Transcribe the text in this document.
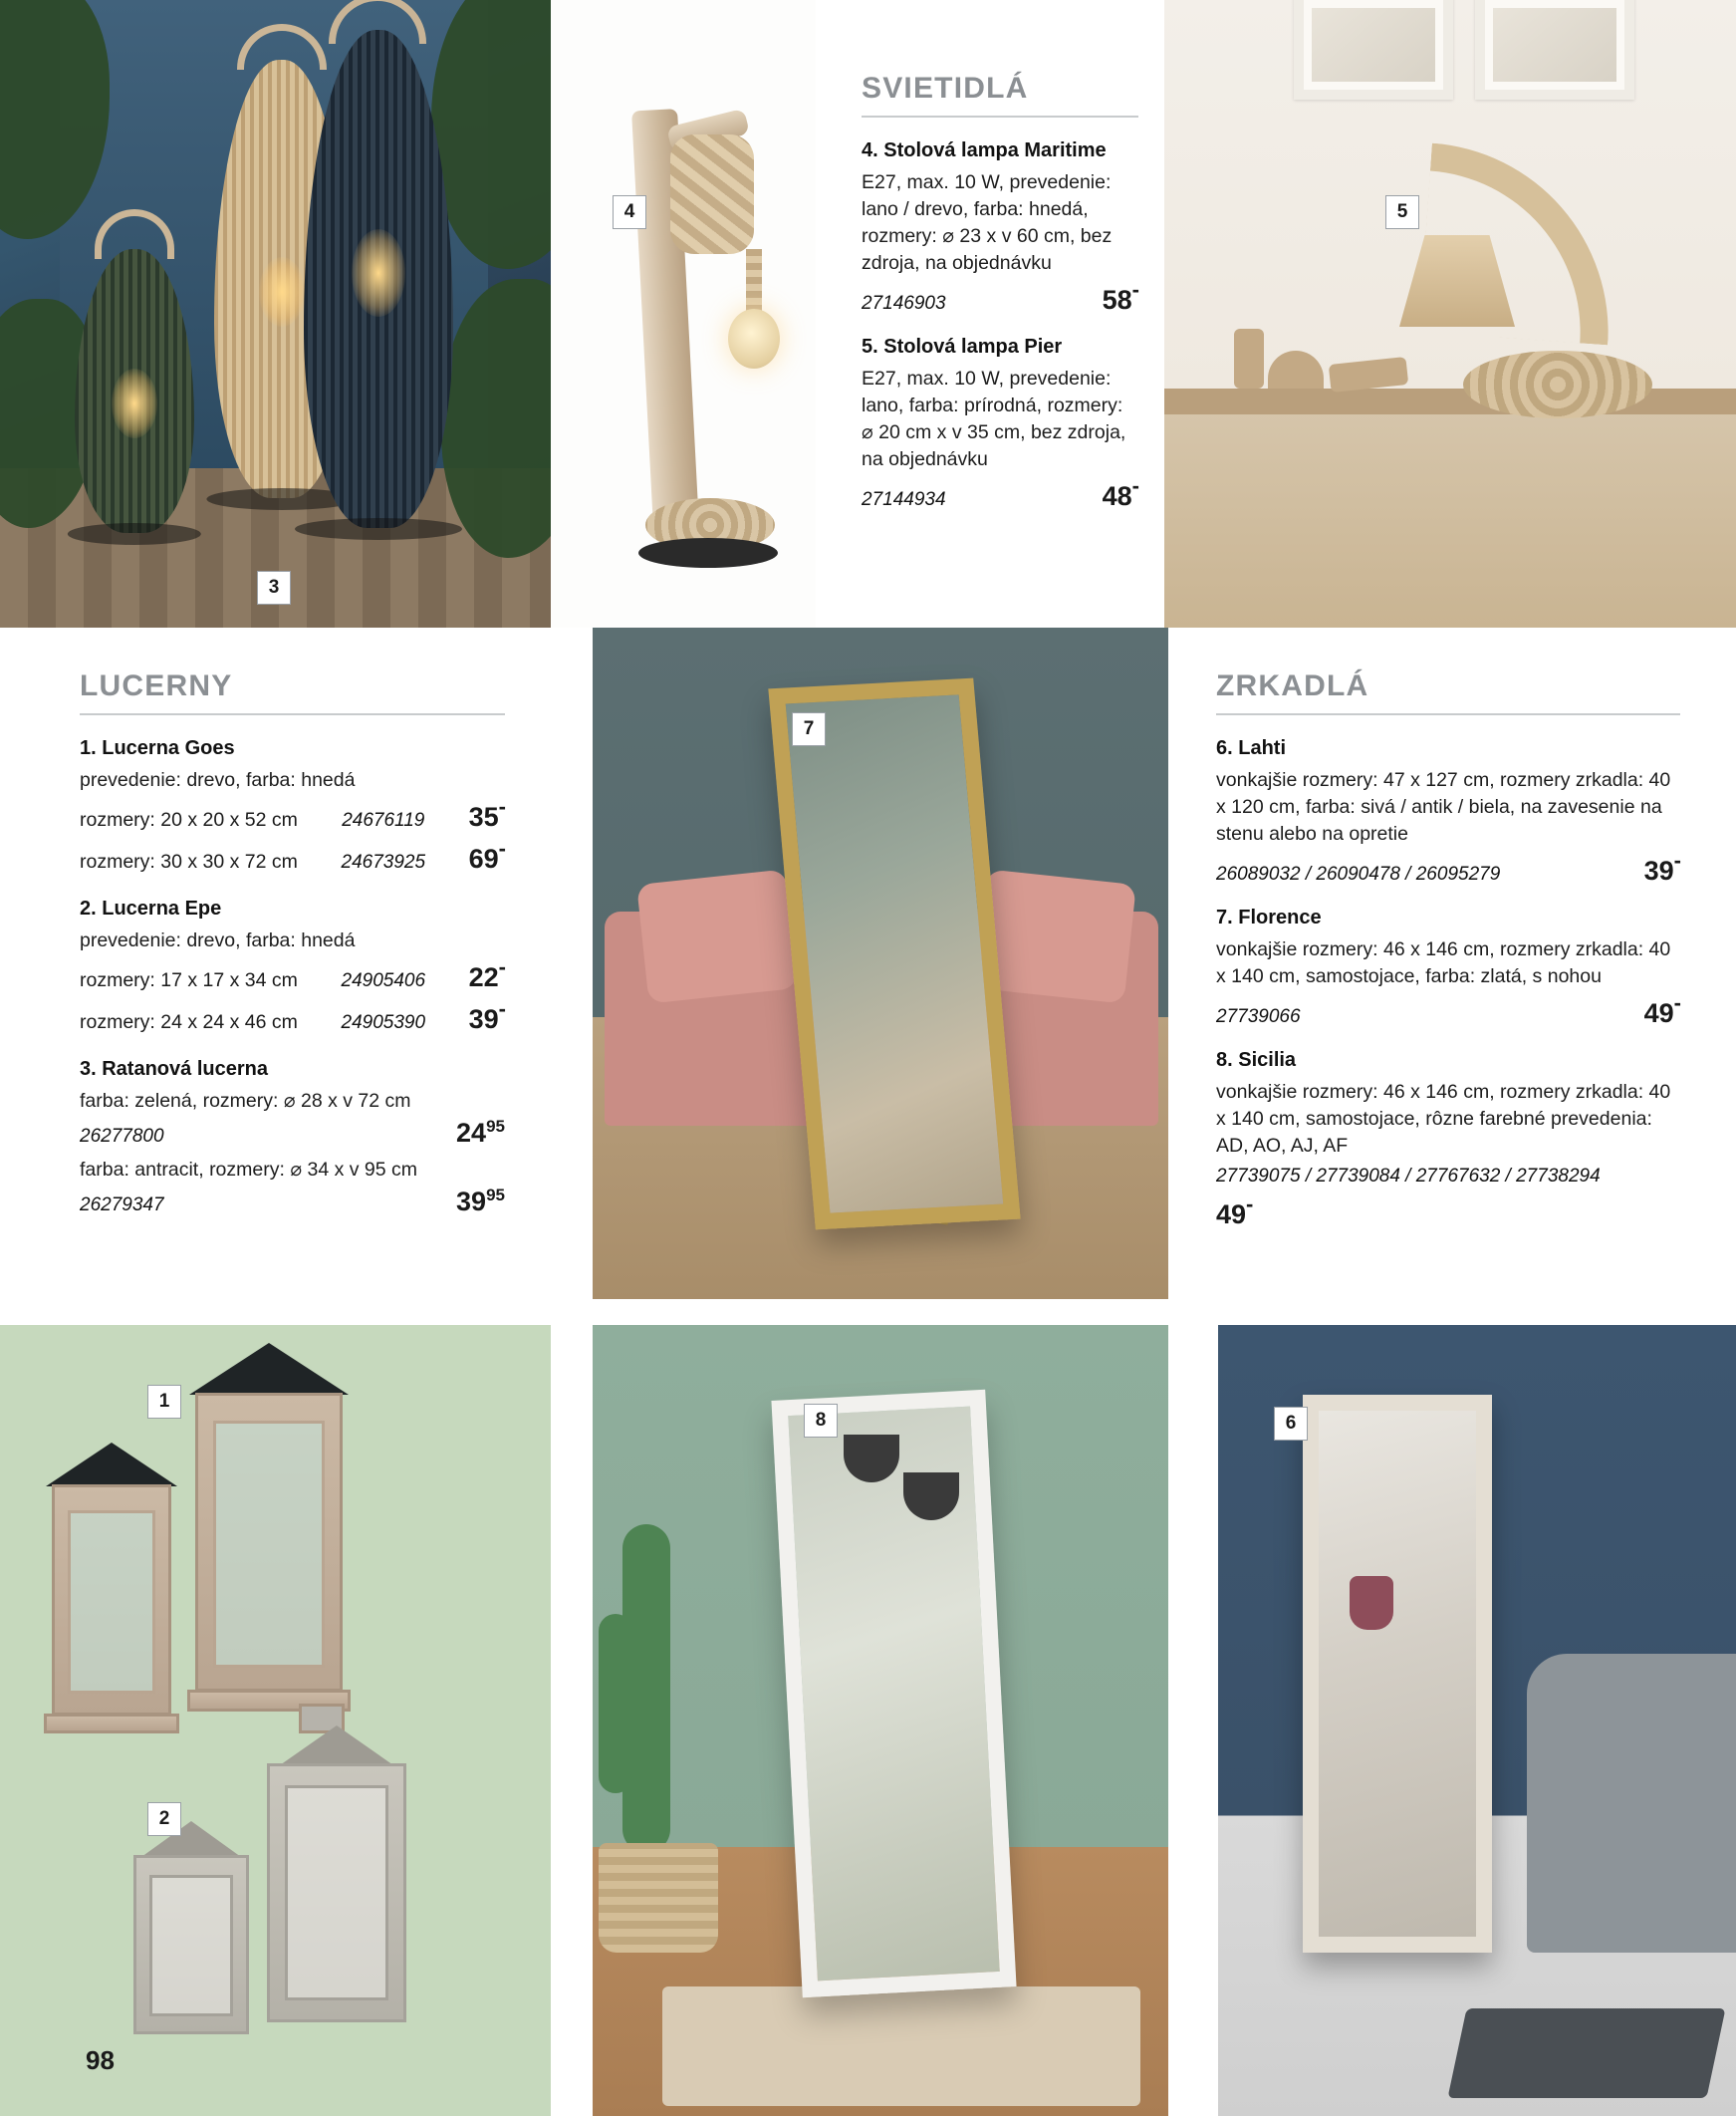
3
4
SVIETIDLÁ
4. Stolová lampa Maritime
E27, max. 10 W, prevedenie: lano / drevo, farba: hnedá, rozmery: ⌀ 23 x v 60 cm, bez zdroja, na objednávku
27146903	58-
5. Stolová lampa Pier
E27, max. 10 W, prevedenie: lano, farba: prírodná, rozmery: ⌀ 20 cm x v 35 cm, bez zdroja, na objednávku
27144934	48-
5
LUCERNY
1. Lucerna Goes
prevedenie: drevo, farba: hnedá
rozmery: 20 x 20 x 52 cm	24676119	35-
rozmery: 30 x 30 x 72 cm	24673925	69-
2. Lucerna Epe
prevedenie: drevo, farba: hnedá
rozmery: 17 x 17 x 34 cm	24905406	22-
rozmery: 24 x 24 x 46 cm	24905390	39-
3. Ratanová lucerna
farba: zelená, rozmery: ⌀ 28 x v 72 cm
26277800	$24^{95}$
farba: antracit, rozmery: ⌀ 34 x v 95 cm
26279347	$39^{95}$
7
ZRKADLÁ
6. Lahti
vonkajšie rozmery: 47 x 127 cm, rozmery zrkadla: 40 x 120 cm, farba: sivá / antik / biela, na zavesenie na stenu alebo na opretie
26089032 / 26090478 / 26095279	39-
7. Florence
vonkajšie rozmery: 46 x 146 cm, rozmery zrkadla: 40 x 140 cm, samostojace, farba: zlatá, s nohou
27739066	49-
8. Sicilia
vonkajšie rozmery: 46 x 146 cm, rozmery zrkadla: 40 x 140 cm, samostojace, rôzne farebné prevedenia: AD, AO, AJ, AF
27739075 / 27739084 / 27767632 / 27738294
49-
1
2
98
8	6
